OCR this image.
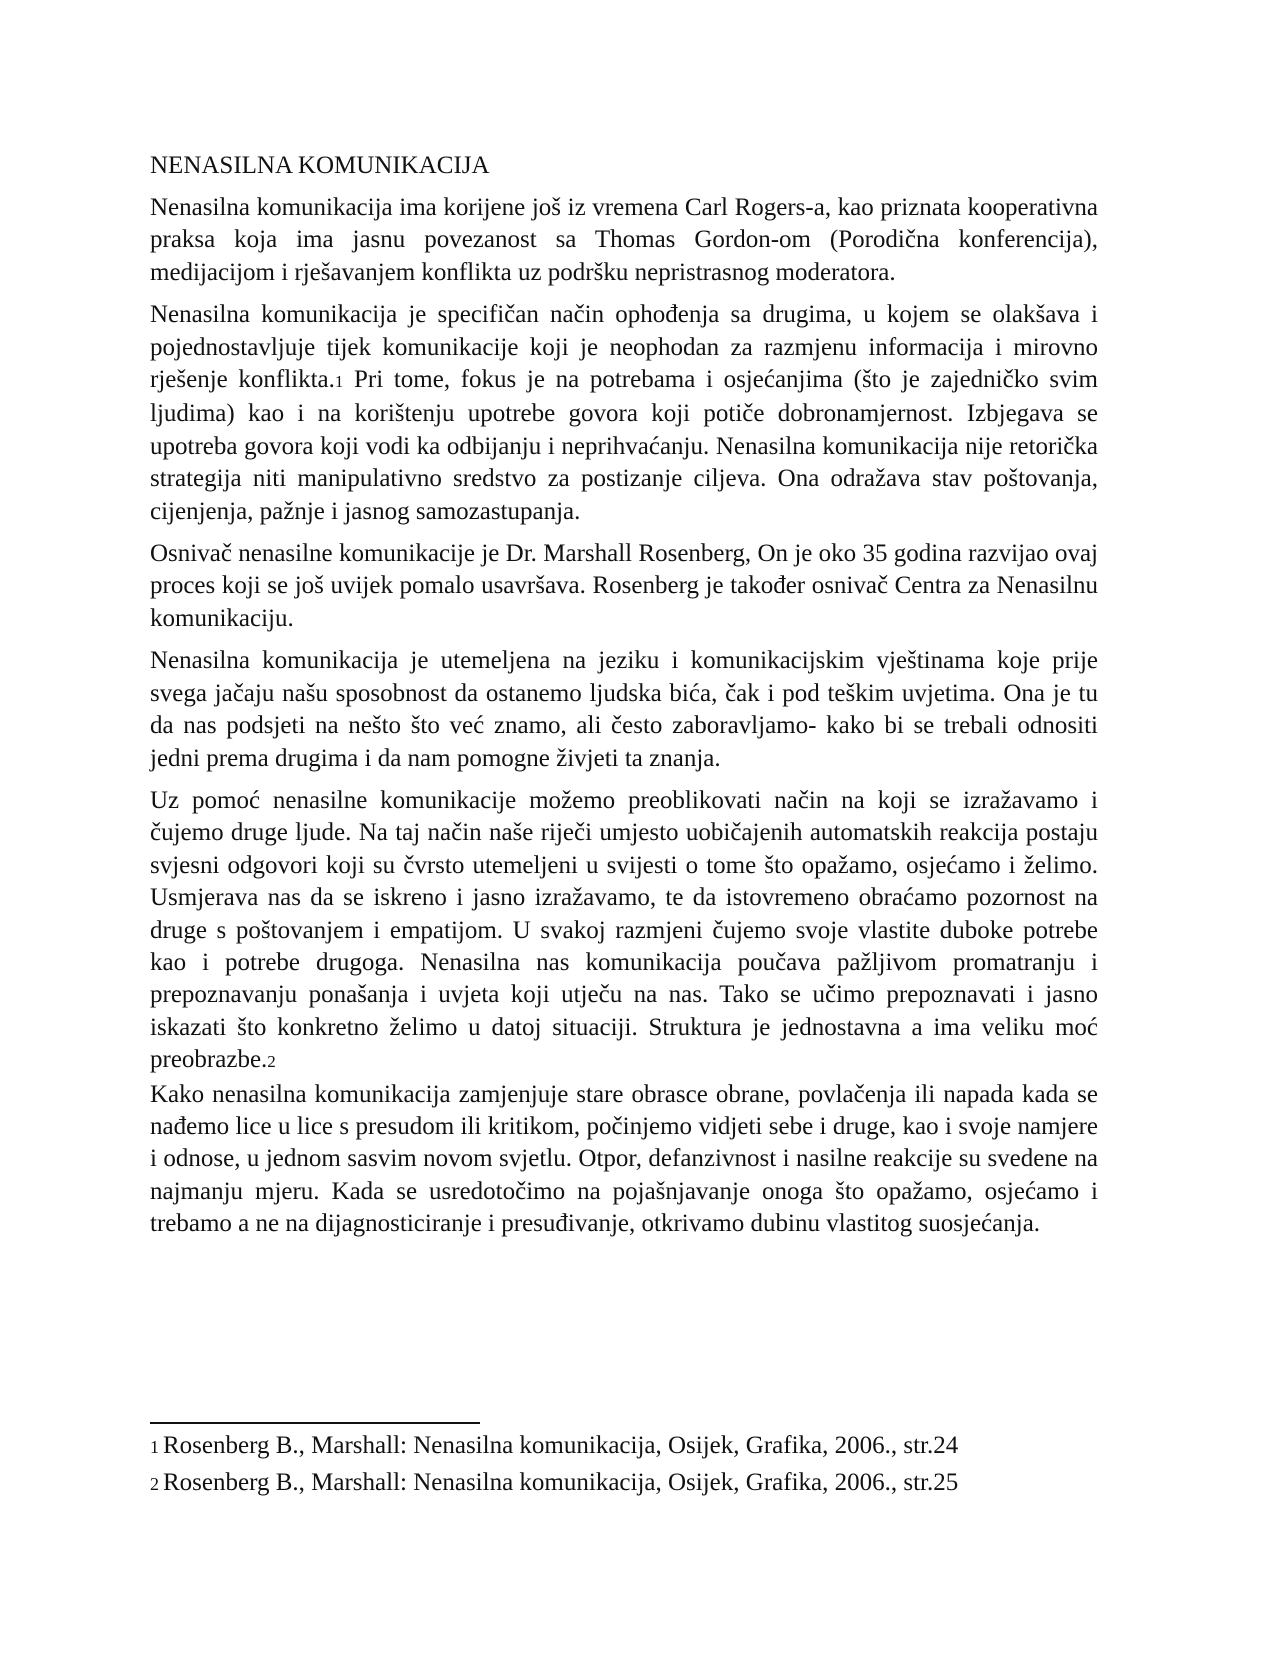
NENASILNA KOMUNIKACIJA

Nenasilna komunikacija ima korijene još iz vremena Carl Rogers-a, kao priznata kooperativna praksa koja ima jasnu povezanost sa Thomas Gordon-om (Porodična konferencija), medijacijom i rješavanjem konflikta uz podršku nepristrasnog moderatora.

Nenasilna komunikacija je specifičan način ophođenja sa drugima, u kojem se olakšava i pojednostavljuje tijek komunikacije koji je neophodan za razmjenu informacija i mirovno rješenje konflikta.1 Pri tome, fokus je na potrebama i osjećanjima (što je zajedničko svim ljudima) kao i na korištenju upotrebe govora koji potiče dobronamjernost. Izbjegava se upotreba govora koji vodi ka odbijanju i neprihvaćanju. Nenasilna komunikacija nije retorička strategija niti manipulativno sredstvo za postizanje ciljeva. Ona odražava stav poštovanja, cijenjenja, pažnje i jasnog samozastupanja.

Osnivač nenasilne komunikacije je Dr. Marshall Rosenberg, On je oko 35 godina razvijao ovaj proces koji se još uvijek pomalo usavršava. Rosenberg je također osnivač Centra za Nenasilnu komunikaciju.

Nenasilna komunikacija je utemeljena na jeziku i komunikacijskim vještinama koje prije svega jačaju našu sposobnost da ostanemo ljudska bića, čak i pod teškim uvjetima. Ona je tu da nas podsjeti na nešto što već znamo, ali često zaboravljamo- kako bi se trebali odnositi jedni prema drugima i da nam pomogne živjeti ta znanja.

Uz pomoć nenasilne komunikacije možemo preoblikovati način na koji se izražavamo i čujemo druge ljude. Na taj način naše riječi umjesto uobičajenih automatskih reakcija postaju svjesni odgovori koji su čvrsto utemeljeni u svijesti o tome što opažamo, osjećamo i želimo. Usmjerava nas da se iskreno i jasno izražavamo, te da istovremeno obraćamo pozornost na druge s poštovanjem i empatijom. U svakoj razmjeni čujemo svoje vlastite duboke potrebe kao i potrebe drugoga. Nenasilna nas komunikacija poučava pažljivom promatranju i prepoznavanju ponašanja i uvjeta koji utječu na nas. Tako se učimo prepoznavati i jasno iskazati što konkretno želimo u datoj situaciji. Struktura je jednostavna a ima veliku moć preobrazbe.2

Kako nenasilna komunikacija zamjenjuje stare obrasce obrane, povlačenja ili napada kada se nađemo lice u lice s presudom ili kritikom, počinjemo vidjeti sebe i druge, kao i svoje namjere i odnose, u jednom sasvim novom svjetlu. Otpor, defanzivnost i nasilne reakcije su svedene na najmanju mjeru. Kada se usredotočimo na pojašnjavanje onoga što opažamo, osjećamo i trebamo a ne na dijagnosticiranje i presuđivanje, otkrivamo dubinu vlastitog suosjećanja.

1 Rosenberg B., Marshall: Nenasilna komunikacija, Osijek, Grafika, 2006., str.24

2 Rosenberg B., Marshall: Nenasilna komunikacija, Osijek, Grafika, 2006., str.25
